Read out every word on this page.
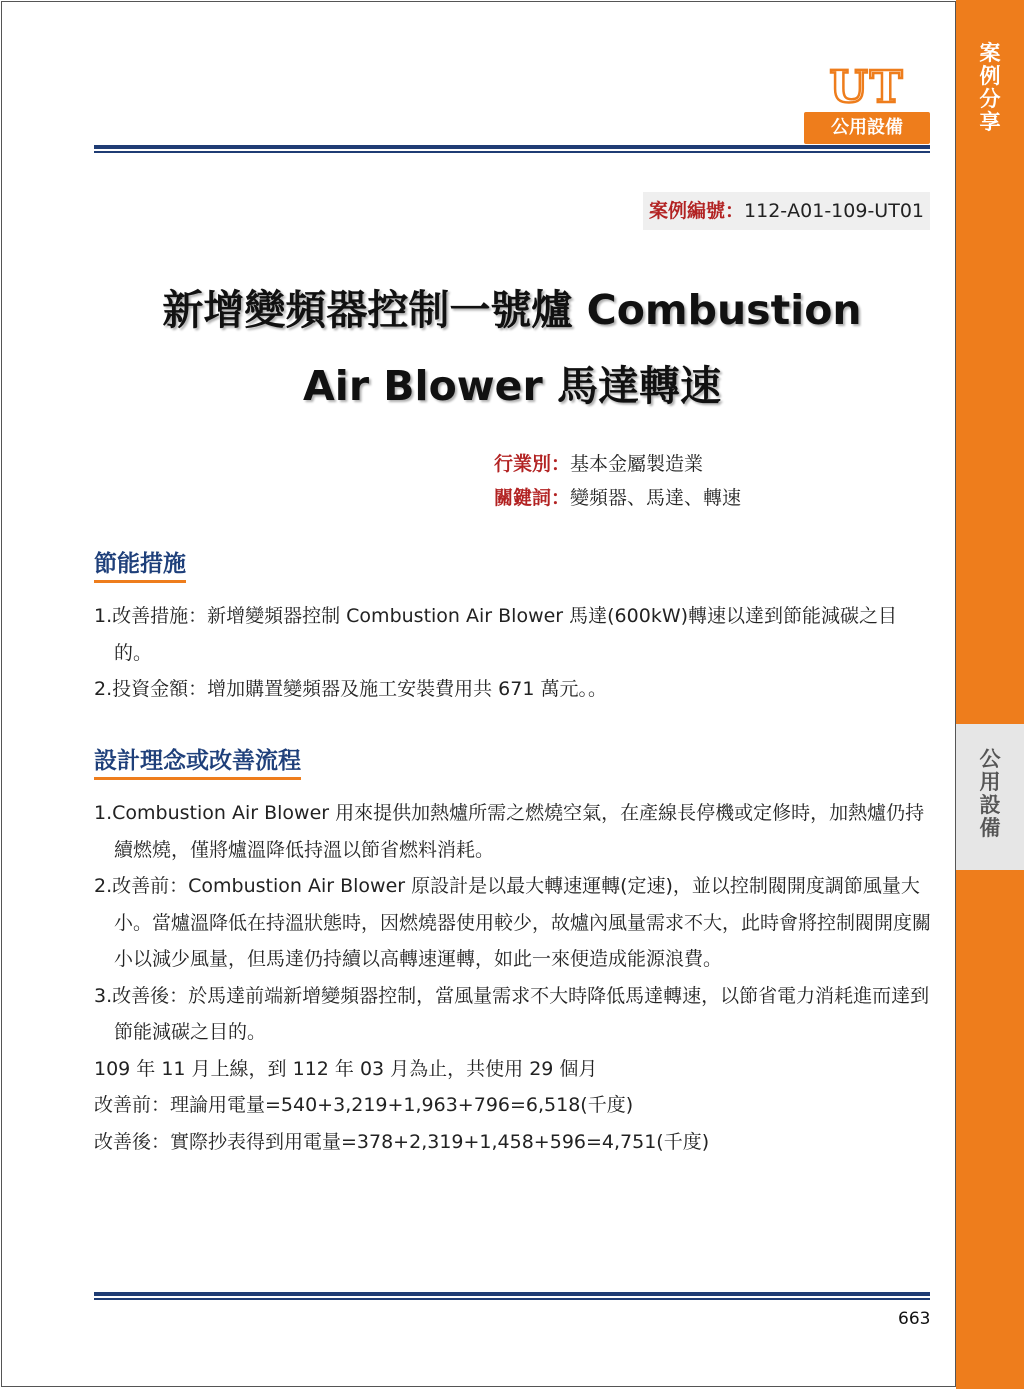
案
例
分
享
公
用
設
備
UT
公用設備
案例編號：112-A01-109-UT01
新增變頻器控制一號爐 Combustion
Air Blower 馬達轉速
行業別：基本金屬製造業
關鍵詞：變頻器、馬達、轉速
節能措施

1.改善措施：新增變頻器控制 Combustion Air Blower 馬達(600kW)轉速以達到節能減碳之目的。

2.投資金額：增加購置變頻器及施工安裝費用共 671 萬元。。

設計理念或改善流程

1.Combustion Air Blower 用來提供加熱爐所需之燃燒空氣，在產線長停機或定修時，加熱爐仍持續燃燒，僅將爐溫降低持溫以節省燃料消耗。

2.改善前：Combustion Air Blower 原設計是以最大轉速運轉(定速)，並以控制閥開度調節風量大小。當爐溫降低在持溫狀態時，因燃燒器使用較少，故爐內風量需求不大，此時會將控制閥開度關小以減少風量，但馬達仍持續以高轉速運轉，如此一來便造成能源浪費。

3.改善後：於馬達前端新增變頻器控制，當風量需求不大時降低馬達轉速，以節省電力消耗進而達到節能減碳之目的。

109 年 11 月上線，到 112 年 03 月為止，共使用 29 個月

改善前：理論用電量=540+3,219+1,963+796=6,518(千度)

改善後：實際抄表得到用電量=378+2,319+1,458+596=4,751(千度)

663
